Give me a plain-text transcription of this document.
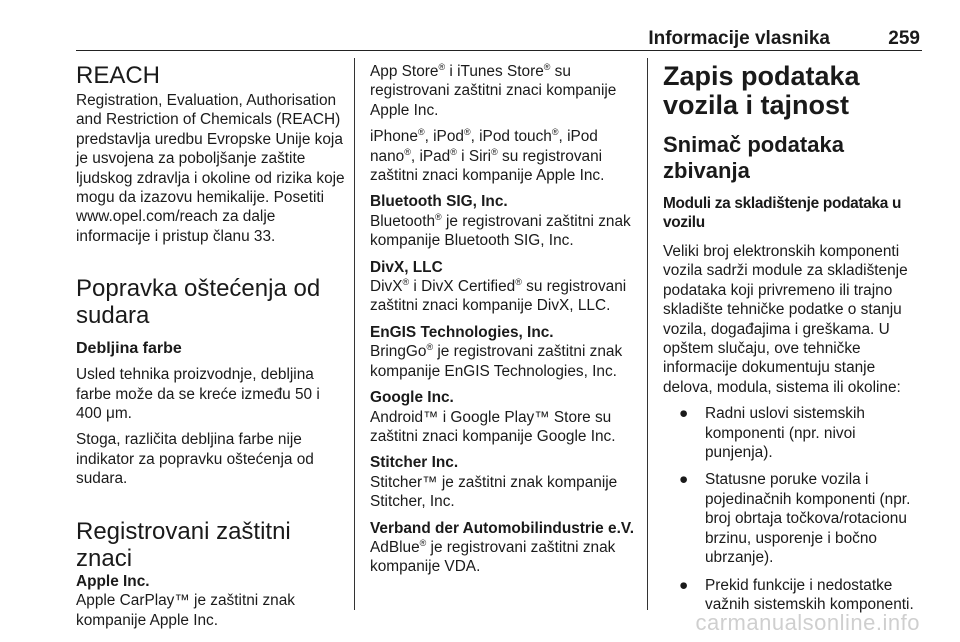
Informacije vlasnika	259
REACH

Registration, Evaluation, Authorisation and Restriction of Chemicals (REACH) predstavlja uredbu Evropske Unije koja je usvojena za poboljšanje zaštite ljudskog zdravlja i okoline od rizika koje mogu da izazovu hemikalije. Posetiti www.opel.com/reach za dalje informacije i pristup članu 33.

Popravka oštećenja od sudara
Debljina farbe

Usled tehnika proizvodnje, debljina farbe može da se kreće između 50 i 400 μm.

Stoga, različita debljina farbe nije indikator za popravku oštećenja od sudara.

Registrovani zaštitni znaci
Apple Inc.

Apple CarPlay™ je zaštitni znak kompanije Apple Inc.

App Store® i iTunes Store® su registrovani zaštitni znaci kompanije Apple Inc.

iPhone®, iPod®, iPod touch®, iPod nano®, iPad® i Siri® su registrovani zaštitni znaci kompanije Apple Inc.

Bluetooth SIG, Inc.

Bluetooth® je registrovani zaštitni znak kompanije Bluetooth SIG, Inc.

DivX, LLC

DivX® i DivX Certified® su registrovani zaštitni znaci kompanije DivX, LLC.

EnGIS Technologies, Inc.

BringGo® je registrovani zaštitni znak kompanije EnGIS Technologies, Inc.

Google Inc.

Android™ i Google Play™ Store su zaštitni znaci kompanije Google Inc.

Stitcher Inc.

Stitcher™ je zaštitni znak kompanije Stitcher, Inc.

Verband der Automobilindustrie e.V.

AdBlue® je registrovani zaštitni znak kompanije VDA.

Zapis podataka vozila i tajnost
Snimač podataka zbivanja
Moduli za skladištenje podataka u vozilu

Veliki broj elektronskih komponenti vozila sadrži module za skladištenje podataka koji privremeno ili trajno skladište tehničke podatke o stanju vozila, događajima i greškama. U opštem slučaju, ove tehničke informacije dokumentuju stanje delova, modula, sistema ili okoline:

● Radni uslovi sistemskih komponenti (npr. nivoi punjenja).
● Statusne poruke vozila i pojedinačnih komponenti (npr. broj obrtaja točkova/rotacionu brzinu, usporenje i bočno ubrzanje).
● Prekid funkcije i nedostatke važnih sistemskih komponenti.
carmanualsonline.info
